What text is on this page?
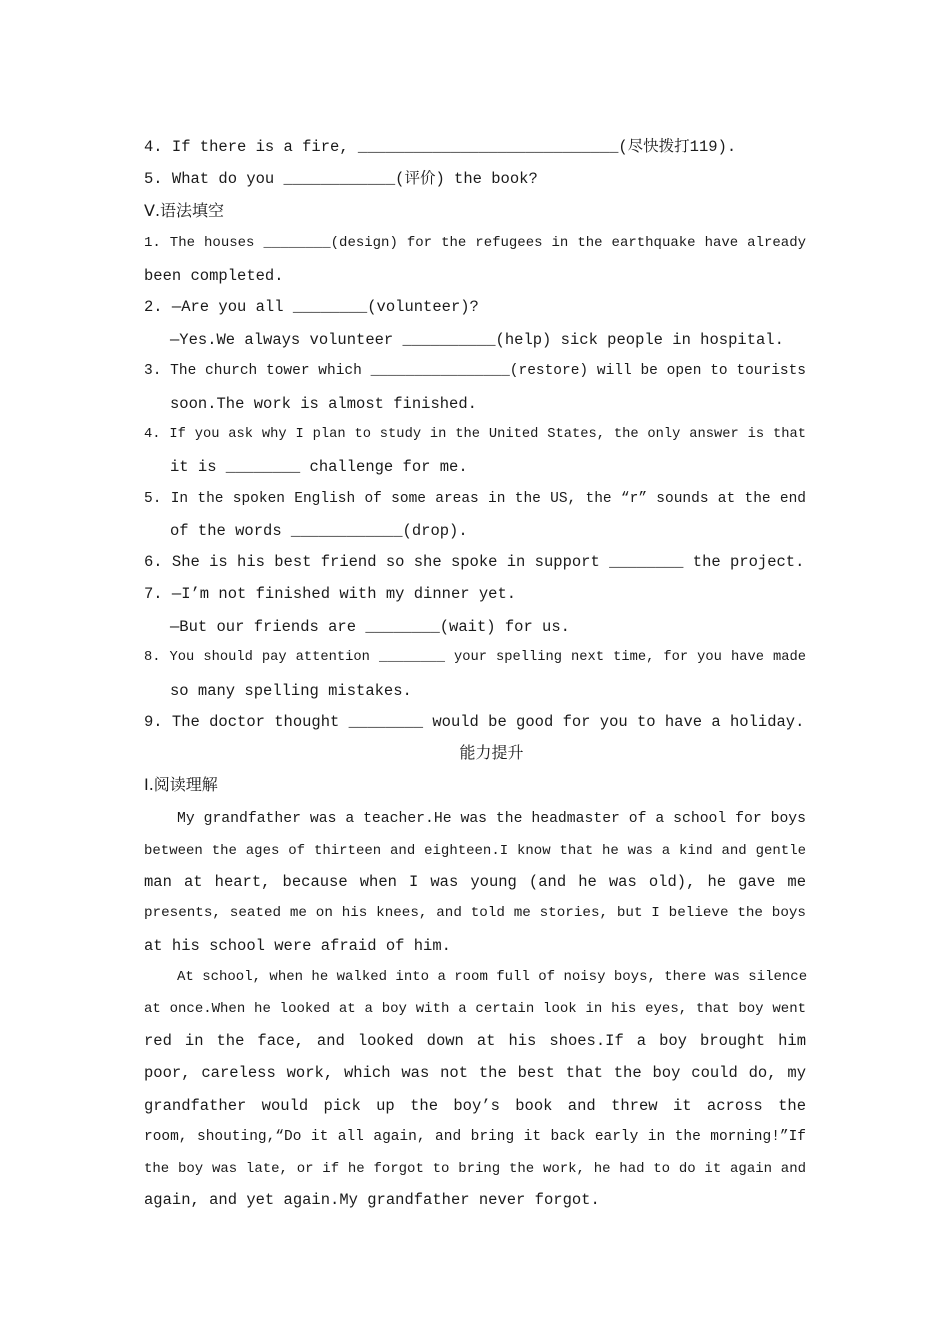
4. If there is a fire, ____________________________(尽快拨打119).
5. What do you ____________(评价) the book?
Ⅴ.语法填空
1. The houses ________(design) for the refugees in the earthquake have already
been completed.
2. —Are you all ________(volunteer)?
—Yes.We always volunteer __________(help) sick people in hospital.
3. The church tower which ________________(restore) will be open to tourists
soon.The work is almost finished.
4. If you ask why I plan to study in the United States, the only answer is that
it is ________ challenge for me.
5. In the spoken English of some areas in the US, the “r” sounds at the end
of the words ____________(drop).
6. She is his best friend so she spoke in support ________ the project.
7. —I’m not finished with my dinner yet.
—But our friends are ________(wait) for us.
8. You should pay attention ________ your spelling next time, for you have made
so many spelling mistakes.
9. The doctor thought ________ would be good for you to have a holiday.
能力提升
Ⅰ.阅读理解
My grandfather was a teacher.He was the headmaster of a school for boys
between the ages of thirteen and eighteen.I know that he was a kind and gentle
man at heart, because when I was young (and he was old), he gave me
presents, seated me on his knees, and told me stories, but I believe the boys
at his school were afraid of him.
At school, when he walked into a room full of noisy boys, there was silence
at once.When he looked at a boy with a certain look in his eyes, that boy went
red in the face, and looked down at his shoes.If a boy brought him
poor, careless work, which was not the best that the boy could do, my
grandfather would pick up the boy’s book and threw it across the
room, shouting,“Do it all again, and bring it back early in the morning!”If
the boy was late, or if he forgot to bring the work, he had to do it again and
again, and yet again.My grandfather never forgot.
